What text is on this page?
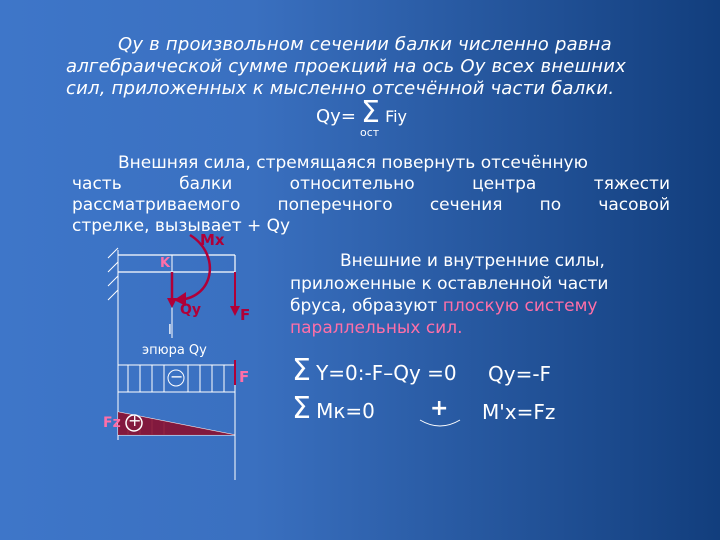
Qy в произвольном сечении балки численно равна
алгебраической сумме проекций на ось Оу всех внешних
сил, приложенных к мысленно отсечённой части балки.
Qy= Σ Fiy
ост
Внешняя сила, стремящаяся повернуть отсечённую
часть балки относительно центра тяжести
рассматриваемого поперечного сечения по часовой
стрелке, вызывает + Qy
Mx
K
Qy	F
I
эпюра Qy
−	F
+
Fz
Внешние и внутренние силы,
приложенные к оставленной части
бруса, образуют плоскую систему
параллельных сил.
Σ Y=0:-F–Qy =0 Qy=-F
Σ Mк=0	+ M'x=Fz
